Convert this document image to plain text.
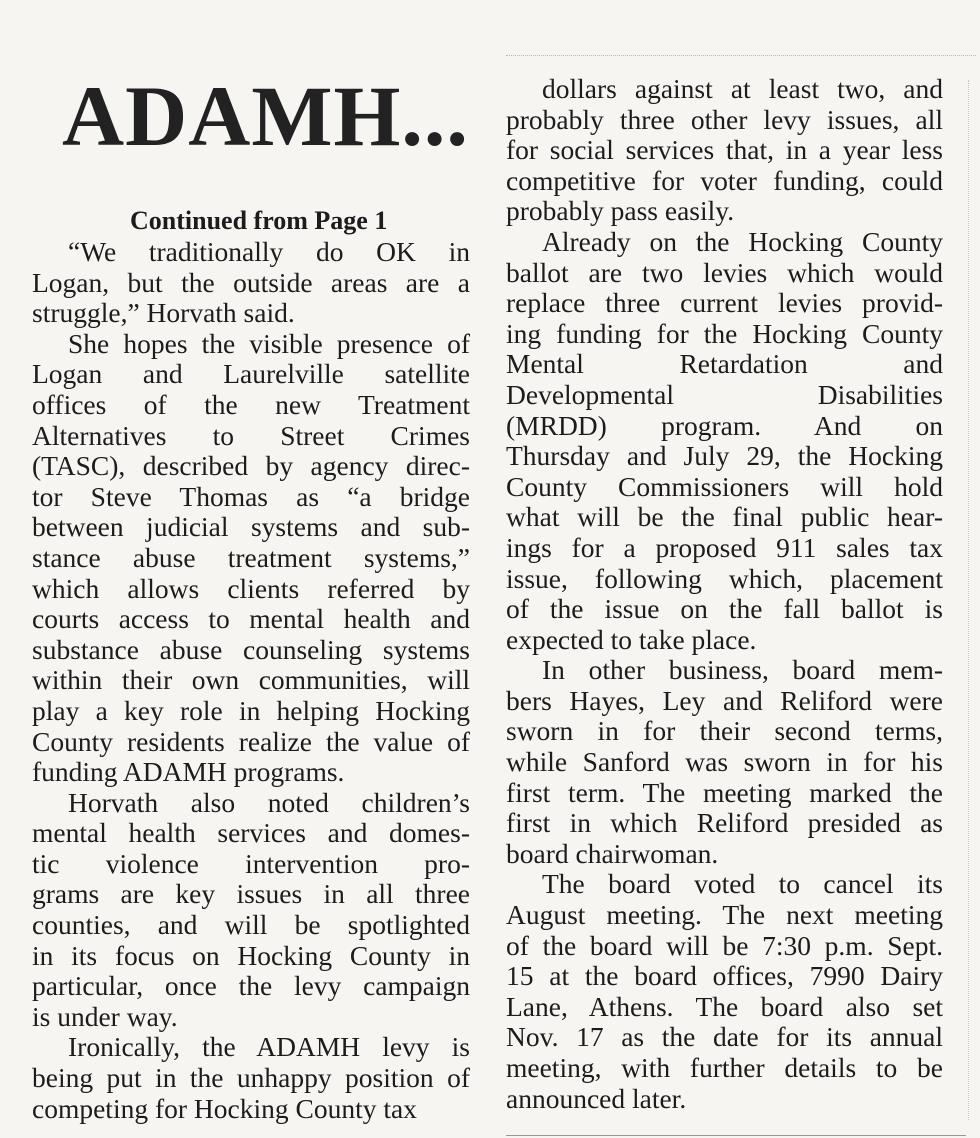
ADAMH...
Continued from Page 1

“We traditionally do OK in
Logan, but the outside areas are a
struggle,” Horvath said.

She hopes the visible presence of
Logan and Laurelville satellite
offices of the new Treatment
Alternatives to Street Crimes
(TASC), described by agency direc-
tor Steve Thomas as “a bridge
between judicial systems and sub-
stance abuse treatment systems,”
which allows clients referred by
courts access to mental health and
substance abuse counseling systems
within their own communities, will
play a key role in helping Hocking
County residents realize the value of
funding ADAMH programs.

Horvath also noted children’s
mental health services and domes-
tic violence intervention pro-
grams are key issues in all three
counties, and will be spotlighted
in its focus on Hocking County in
particular, once the levy campaign
is under way.

Ironically, the ADAMH levy is
being put in the unhappy position of
competing for Hocking County tax

dollars against at least two, and
probably three other levy issues, all
for social services that, in a year less
competitive for voter funding, could
probably pass easily.

Already on the Hocking County
ballot are two levies which would
replace three current levies provid-
ing funding for the Hocking County
Mental Retardation and
Developmental Disabilities
(MRDD) program. And on
Thursday and July 29, the Hocking
County Commissioners will hold
what will be the final public hear-
ings for a proposed 911 sales tax
issue, following which, placement
of the issue on the fall ballot is
expected to take place.

In other business, board mem-
bers Hayes, Ley and Reliford were
sworn in for their second terms,
while Sanford was sworn in for his
first term. The meeting marked the
first in which Reliford presided as
board chairwoman.

The board voted to cancel its
August meeting. The next meeting
of the board will be 7:30 p.m. Sept.
15 at the board offices, 7990 Dairy
Lane, Athens. The board also set
Nov. 17 as the date for its annual
meeting, with further details to be
announced later.
